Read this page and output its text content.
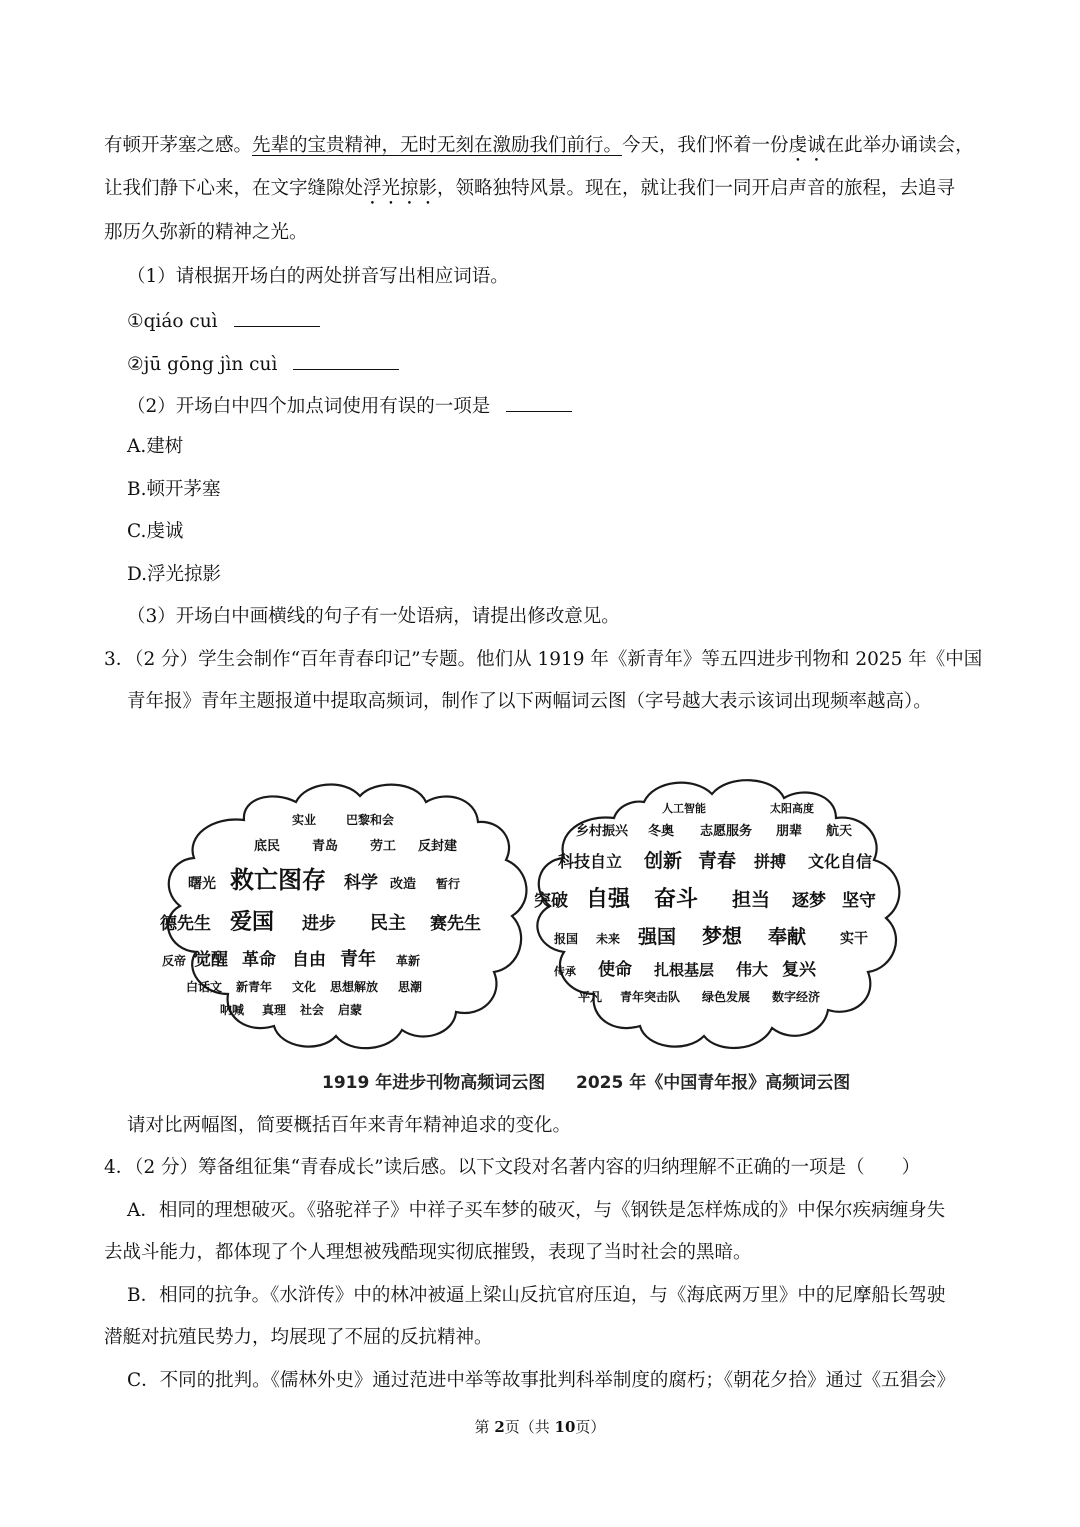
有顿开茅塞之感。先辈的宝贵精神，无时无刻在激励我们前行。今天，我们怀着一份虔诚在此举办诵读会，
让我们静下心来，在文字缝隙处浮光掠影，领略独特风景。现在，就让我们一同开启声音的旅程，去追寻
那历久弥新的精神之光。
（1）请根据开场白的两处拼音写出相应词语。
①qiáo cuì
②jū gōng jìn cuì
（2）开场白中四个加点词使用有误的一项是
A.建树
B.顿开茅塞
C.虔诚
D.浮光掠影
（3）开场白中画横线的句子有一处语病，请提出修改意见。
3．（2 分）学生会制作“百年青春印记”专题。他们从 1919 年《新青年》等五四进步刊物和 2025 年《中国
青年报》青年主题报道中提取高频词，制作了以下两幅词云图（字号越大表示该词出现频率越高）。
实业 巴黎和会
底民 青岛 劳工 反封建
曙光 救亡图存 科学 改造 暂行
德先生 爱国 进步 民主 赛先生
反帝 觉醒 革命 自由 青年 革新
白话文 新青年 文化 思想解放 思潮
呐喊 真理 社会 启蒙
人工智能	太阳高度
乡村振兴 冬奥 志愿服务 朋辈 航天
科技自立 创新 青春 拼搏 文化自信
突破 自强 奋斗 担当 逐梦 坚守
报国 未来 强国 梦想 奉献 实干
传承 使命 扎根基层 伟大 复兴
平凡 青年突击队 绿色发展 数字经济
1919 年进步刊物高频词云图 2025 年《中国青年报》高频词云图
请对比两幅图，简要概括百年来青年精神追求的变化。
4．（2 分）筹备组征集“青春成长”读后感。以下文段对名著内容的归纳理解不正确的一项是（　　）
A．相同的理想破灭。《骆驼祥子》中祥子买车梦的破灭，与《钢铁是怎样炼成的》中保尔疾病缠身失
去战斗能力，都体现了个人理想被残酷现实彻底摧毁，表现了当时社会的黑暗。
B．相同的抗争。《水浒传》中的林冲被逼上梁山反抗官府压迫，与《海底两万里》中的尼摩船长驾驶
潜艇对抗殖民势力，均展现了不屈的反抗精神。
C．不同的批判。《儒林外史》通过范进中举等故事批判科举制度的腐朽；《朝花夕拾》通过《五猖会》
第 2页（共 10页）
